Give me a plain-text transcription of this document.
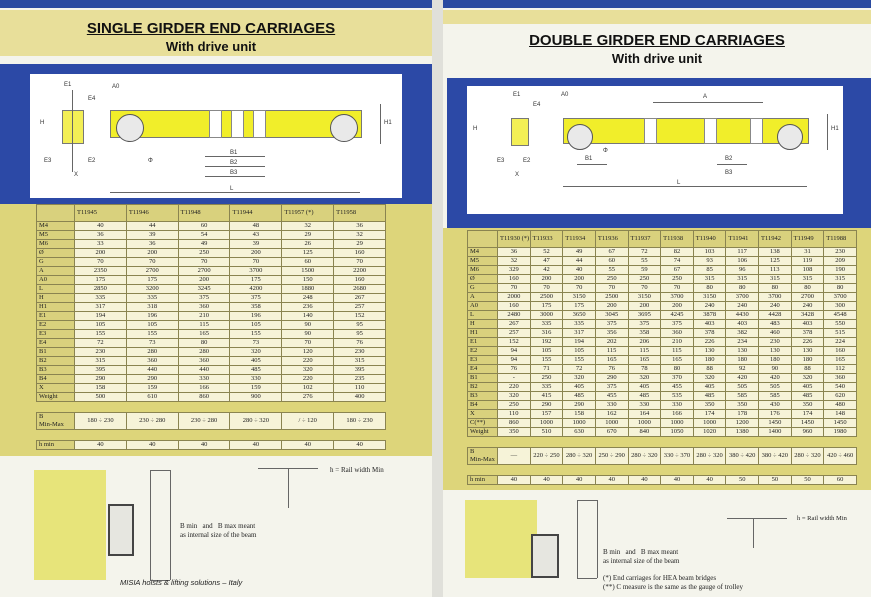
SINGLE GIRDER END CARRIAGES
With drive unit
E1
E4
A0
E3	E2
B1
B2
B3
X
L
H	H1
Φ
	T11945	T11946	T11948	T11944	T11957 (*)	T11958
M4	40	44	60	48	32	36
M5	36	39	54	43	29	32
M6	33	36	49	39	26	29
Ø	200	200	250	200	125	160
G	70	70	70	70	60	70
A	2350	2700	2700	3700	1500	2200
A0	175	175	200	175	150	160
L	2850	3200	3245	4200	1880	2680
H	335	335	375	375	248	267
H1	317	318	360	358	236	257
E1	194	196	210	196	140	152
E2	105	105	115	105	90	95
E3	155	155	165	155	90	95
E4	72	73	80	73	70	76
B1	230	280	280	320	120	230
B2	315	360	360	405	220	315
B3	395	440	440	485	320	395
B4	290	290	330	330	220	235
X	158	159	166	159	102	110
Weight	500	610	860	900	276	400

B
Min-Max	180 ÷ 230	230 ÷ 280	230 ÷ 280	280 ÷ 320	/ ÷ 120	180 ÷ 230

h min	40	40	40	40	40	40
h = Rail width Min
B min   and   B max meant
as internal size of the beam
MISIA hoists & lifting solutions – Italy
DOUBLE GIRDER END CARRIAGES
With drive unit
A0
E1
E4
A
H	H1
E3	E2	B1	B2
B3
X
L
Φ
	T11930 (*)	T11933	T11934	T11936	T11937	T11938	T11940	T11941	T11942	T11949	T11988
M4	36	52	49	67	72	82	103	117	138	31	230
M5	32	47	44	60	55	74	93	106	125	119	209
M6	329	42	40	55	59	67	85	96	113	108	190
Ø	160	200	200	250	250	250	315	315	315	315	315
G	70	70	70	70	70	70	80	80	80	80	80
A	2000	2500	3150	2500	3150	3700	3150	3700	3700	2700	3700
A0	160	175	175	200	200	200	240	240	240	240	300
L	2480	3000	3650	3045	3695	4245	3878	4430	4428	3428	4548
H	267	335	335	375	375	375	403	403	483	403	550
H1	257	316	317	356	358	360	378	382	460	378	515
E1	152	192	194	202	206	210	226	234	230	226	224
E2	94	105	105	115	115	115	130	130	130	130	160
E3	94	155	155	165	165	165	180	180	180	180	165
E4	76	71	72	76	78	80	88	92	90	88	112
B1	-	250	320	290	320	370	320	420	420	320	360
B2	220	335	405	375	405	455	405	505	505	405	540
B3	320	415	485	455	485	535	485	585	585	485	620
B4	250	290	290	330	330	330	350	350	430	350	480
X	110	157	158	162	164	166	174	178	176	174	148
C(**)	860	1000	1000	1000	1000	1000	1000	1200	1450	1450	1450
Weight	350	510	630	670	840	1050	1020	1380	1400	960	1980

B
Min-Max	—	220 ÷ 250	280 ÷ 320	250 ÷ 290	280 ÷ 320	330 ÷ 370	280 ÷ 320	380 ÷ 420	380 ÷ 420	280 ÷ 320	420 ÷ 460

h min	40	40	40	40	40	40	40	50	50	50	60
h = Rail width Min
B min   and   B max meant
as internal size of the beam
(*) End carriages for HEA beam bridges
(**) C measure is the same as the gauge of trolley
